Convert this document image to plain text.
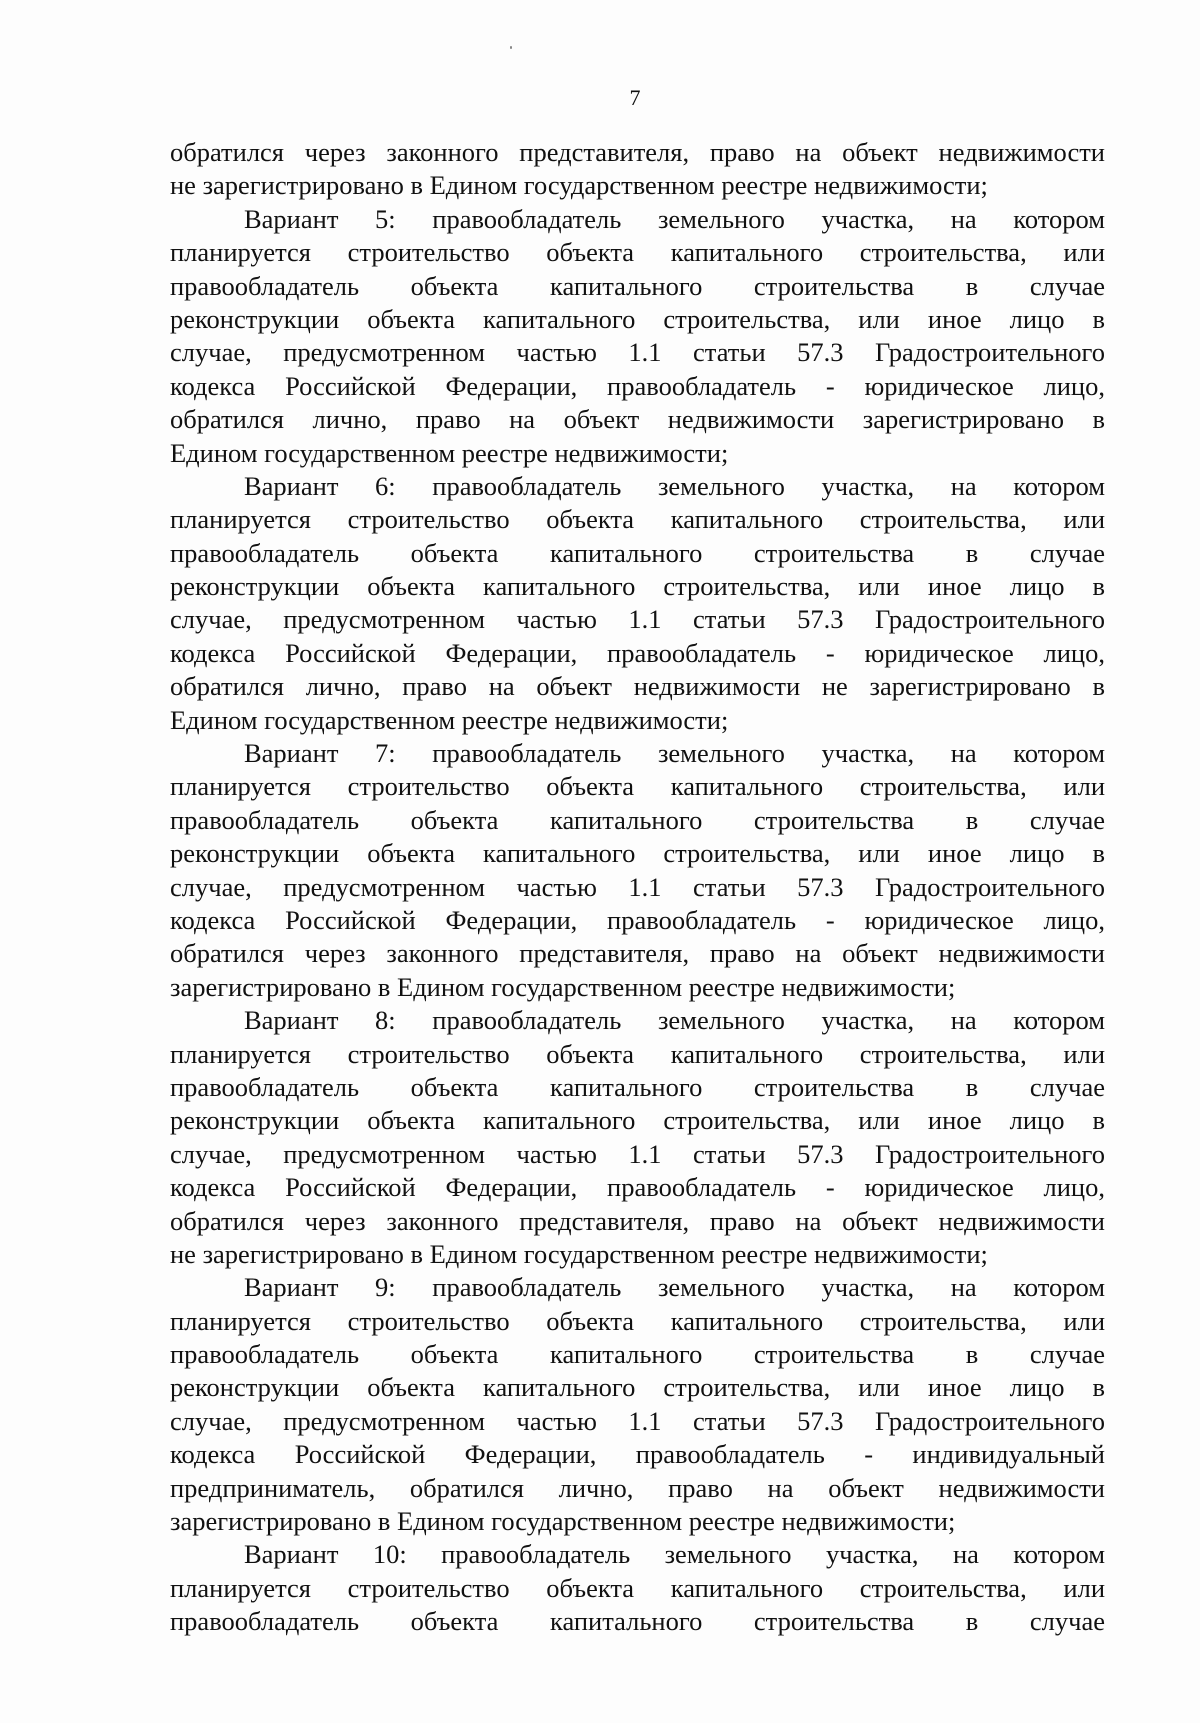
7
обратился через законного представителя, право на объект недвижимости
не зарегистрировано в Едином государственном реестре недвижимости;
Вариант 5: правообладатель земельного участка, на котором
планируется строительство объекта капитального строительства, или
правообладатель объекта капитального строительства в случае
реконструкции объекта капитального строительства, или иное лицо в
случае, предусмотренном частью 1.1 статьи 57.3 Градостроительного
кодекса Российской Федерации, правообладатель - юридическое лицо,
обратился лично, право на объект недвижимости зарегистрировано в
Едином государственном реестре недвижимости;
Вариант 6: правообладатель земельного участка, на котором
планируется строительство объекта капитального строительства, или
правообладатель объекта капитального строительства в случае
реконструкции объекта капитального строительства, или иное лицо в
случае, предусмотренном частью 1.1 статьи 57.3 Градостроительного
кодекса Российской Федерации, правообладатель - юридическое лицо,
обратился лично, право на объект недвижимости не зарегистрировано в
Едином государственном реестре недвижимости;
Вариант 7: правообладатель земельного участка, на котором
планируется строительство объекта капитального строительства, или
правообладатель объекта капитального строительства в случае
реконструкции объекта капитального строительства, или иное лицо в
случае, предусмотренном частью 1.1 статьи 57.3 Градостроительного
кодекса Российской Федерации, правообладатель - юридическое лицо,
обратился через законного представителя, право на объект недвижимости
зарегистрировано в Едином государственном реестре недвижимости;
Вариант 8: правообладатель земельного участка, на котором
планируется строительство объекта капитального строительства, или
правообладатель объекта капитального строительства в случае
реконструкции объекта капитального строительства, или иное лицо в
случае, предусмотренном частью 1.1 статьи 57.3 Градостроительного
кодекса Российской Федерации, правообладатель - юридическое лицо,
обратился через законного представителя, право на объект недвижимости
не зарегистрировано в Едином государственном реестре недвижимости;
Вариант 9: правообладатель земельного участка, на котором
планируется строительство объекта капитального строительства, или
правообладатель объекта капитального строительства в случае
реконструкции объекта капитального строительства, или иное лицо в
случае, предусмотренном частью 1.1 статьи 57.3 Градостроительного
кодекса Российской Федерации, правообладатель - индивидуальный
предприниматель, обратился лично, право на объект недвижимости
зарегистрировано в Едином государственном реестре недвижимости;
Вариант 10: правообладатель земельного участка, на котором
планируется строительство объекта капитального строительства, или
правообладатель объекта капитального строительства в случае
